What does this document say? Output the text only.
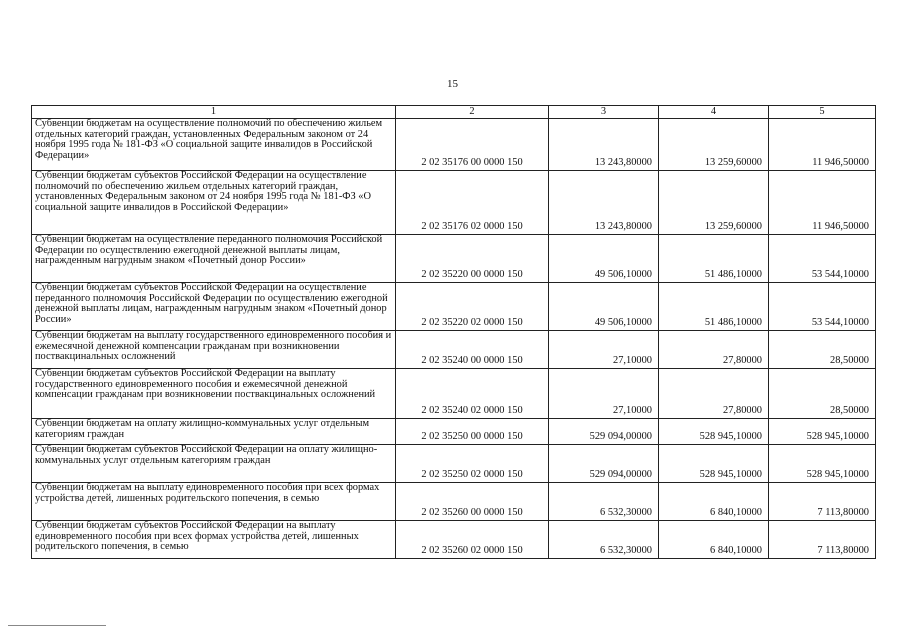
15
1	2	3	4	5
Субвенции бюджетам на осуществление полномочий по обеспечению жильем отдельных категорий граждан, установленных Федеральным законом от 24 ноября 1995 года № 181-ФЗ «О социальной защите инвалидов в Российской Федерации»	2 02 35176 00 0000 150	13 243,80000	13 259,60000	11 946,50000
Субвенции бюджетам субъектов Российской Федерации на осуществление полномочий по обеспечению жильем отдельных категорий граждан, установленных Федеральным законом от 24 ноября 1995 года № 181-ФЗ «О социальной защите инвалидов в Российской Федерации»	2 02 35176 02 0000 150	13 243,80000	13 259,60000	11 946,50000
Субвенции бюджетам на осуществление переданного полномочия Российской Федерации по осуществлению ежегодной денежной выплаты лицам, награжденным нагрудным знаком «Почетный донор России»	2 02 35220 00 0000 150	49 506,10000	51 486,10000	53 544,10000
Субвенции бюджетам субъектов Российской Федерации на осуществление переданного полномочия Российской Федерации по осуществлению ежегодной денежной выплаты лицам, награжденным нагрудным знаком «Почетный донор России»	2 02 35220 02 0000 150	49 506,10000	51 486,10000	53 544,10000
Субвенции бюджетам на выплату государственного единовременного пособия и ежемесячной денежной компенсации гражданам при возникновении поствакцинальных осложнений	2 02 35240 00 0000 150	27,10000	27,80000	28,50000
Субвенции бюджетам субъектов Российской Федерации на выплату государственного единовременного пособия и ежемесячной денежной компенсации гражданам при возникновении поствакцинальных осложнений	2 02 35240 02 0000 150	27,10000	27,80000	28,50000
Субвенции бюджетам на оплату жилищно-коммунальных услуг отдельным категориям граждан	2 02 35250 00 0000 150	529 094,00000	528 945,10000	528 945,10000
Субвенции бюджетам субъектов Российской Федерации на оплату жилищно-коммунальных услуг отдельным категориям граждан	2 02 35250 02 0000 150	529 094,00000	528 945,10000	528 945,10000
Субвенции бюджетам на выплату единовременного пособия при всех формах устройства детей, лишенных родительского попечения, в семью	2 02 35260 00 0000 150	6 532,30000	6 840,10000	7 113,80000
Субвенции бюджетам субъектов Российской Федерации на выплату единовременного пособия при всех формах устройства детей, лишенных родительского попечения, в семью	2 02 35260 02 0000 150	6 532,30000	6 840,10000	7 113,80000
